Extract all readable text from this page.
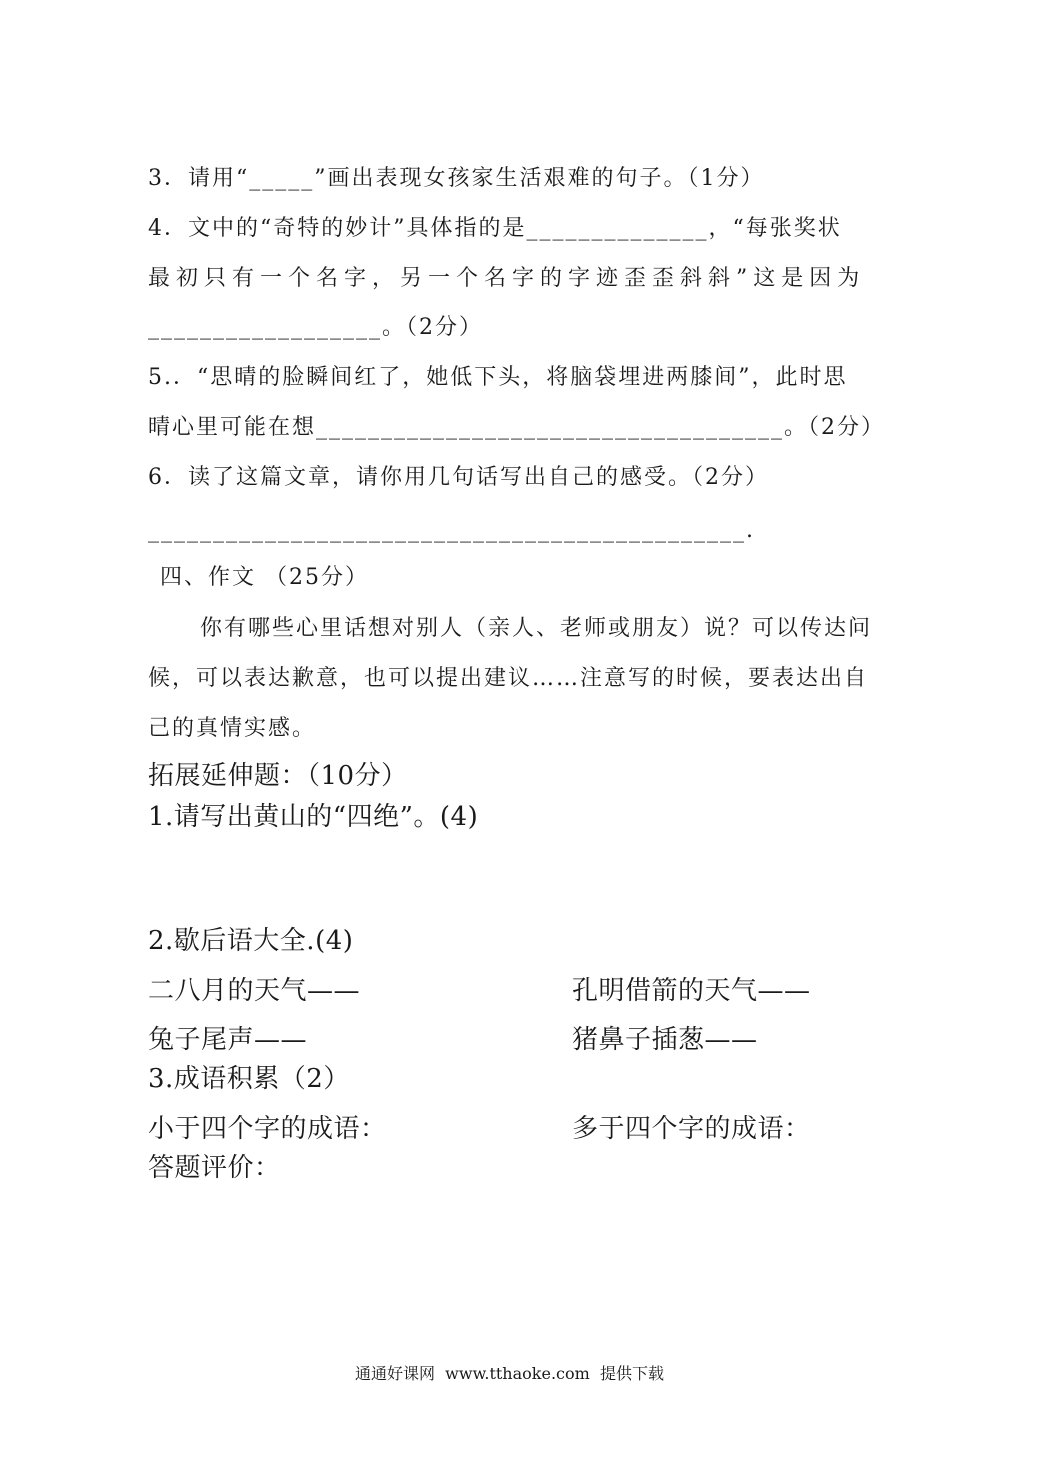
3．请用“_____”画出表现女孩家生活艰难的句子。（1分）
4．文中的“奇特的妙计”具体指的是______________，“每张奖状
最初只有一个名字，另一个名字的字迹歪歪斜斜”这是因为
__________________。（2分）
5.．“思晴的脸瞬间红了，她低下头，将脑袋埋进两膝间”，此时思
晴心里可能在想____________________________________。（2分）
6．读了这篇文章，请你用几句话写出自己的感受。（2分）
______________________________________________.
四、作文 （25分）
你有哪些心里话想对别人（亲人、老师或朋友）说？可以传达问
候，可以表达歉意，也可以提出建议……注意写的时候，要表达出自
己的真情实感。
拓展延伸题：（10分）
1.请写出黄山的“四绝”。(4)
2.歇后语大全.(4)
二八月的天气——	孔明借箭的天气——
兔子尾声——	猪鼻子插葱——
3.成语积累（2）
小于四个字的成语：	多于四个字的成语：
答题评价：
通通好课网  www.tthaoke.com  提供下载
